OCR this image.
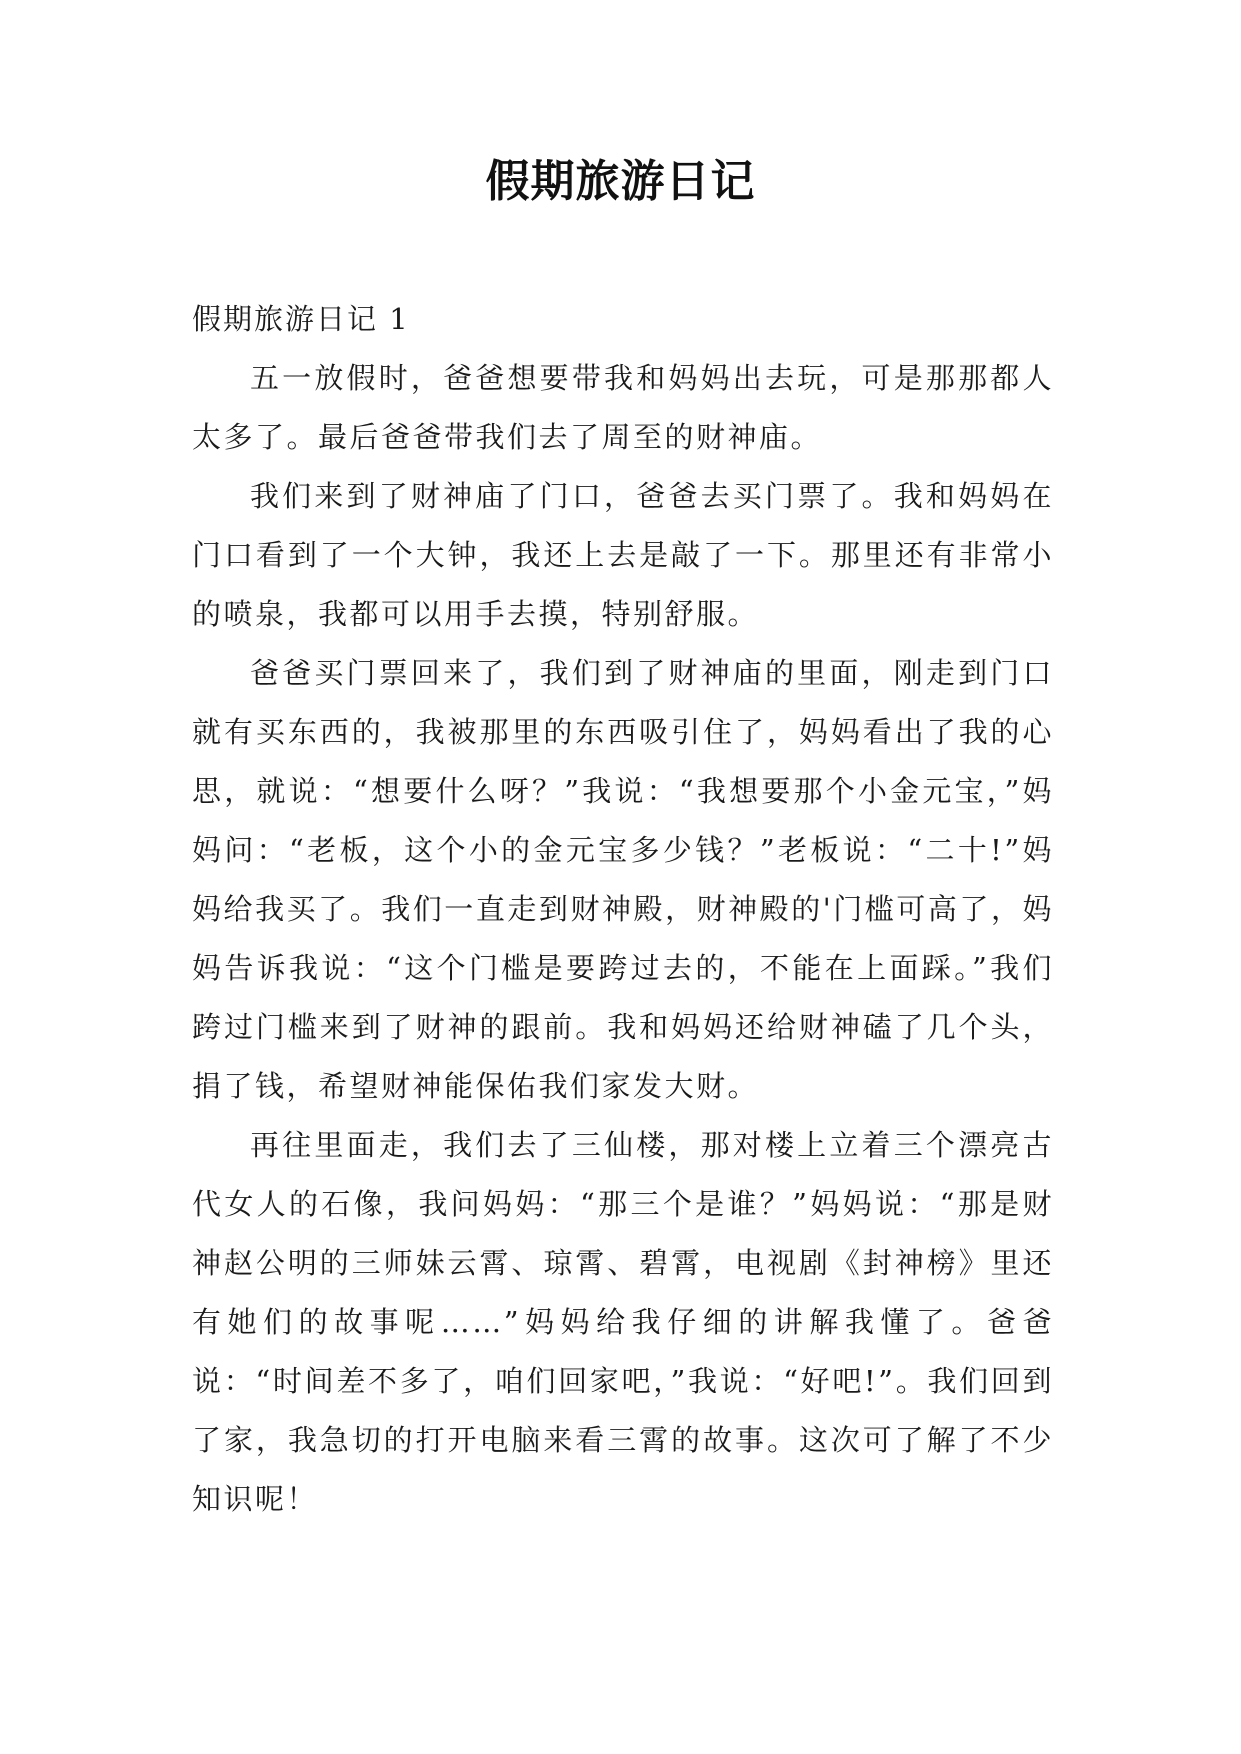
假期旅游日记

假期旅游日记 1

五一放假时，爸爸想要带我和妈妈出去玩，可是那那都人太多了。最后爸爸带我们去了周至的财神庙。

我们来到了财神庙了门口，爸爸去买门票了。我和妈妈在门口看到了一个大钟，我还上去是敲了一下。那里还有非常小的喷泉，我都可以用手去摸，特别舒服。

爸爸买门票回来了，我们到了财神庙的里面，刚走到门口就有买东西的，我被那里的东西吸引住了，妈妈看出了我的心思，就说：“想要什么呀？”我说：“我想要那个小金元宝，”妈妈问：“老板，这个小的金元宝多少钱？”老板说：“二十!”妈妈给我买了。我们一直走到财神殿，财神殿的'门槛可高了，妈妈告诉我说：“这个门槛是要跨过去的，不能在上面踩。”我们跨过门槛来到了财神的跟前。我和妈妈还给财神磕了几个头，捐了钱，希望财神能保佑我们家发大财。

再往里面走，我们去了三仙楼，那对楼上立着三个漂亮古代女人的石像，我问妈妈：“那三个是谁？”妈妈说：“那是财神赵公明的三师妹云霄、琼霄、碧霄，电视剧《封神榜》里还有她们的故事呢……”妈妈给我仔细的讲解我懂了。爸爸说：“时间差不多了，咱们回家吧，”我说：“好吧!”。我们回到了家，我急切的打开电脑来看三霄的故事。这次可了解了不少知识呢！
